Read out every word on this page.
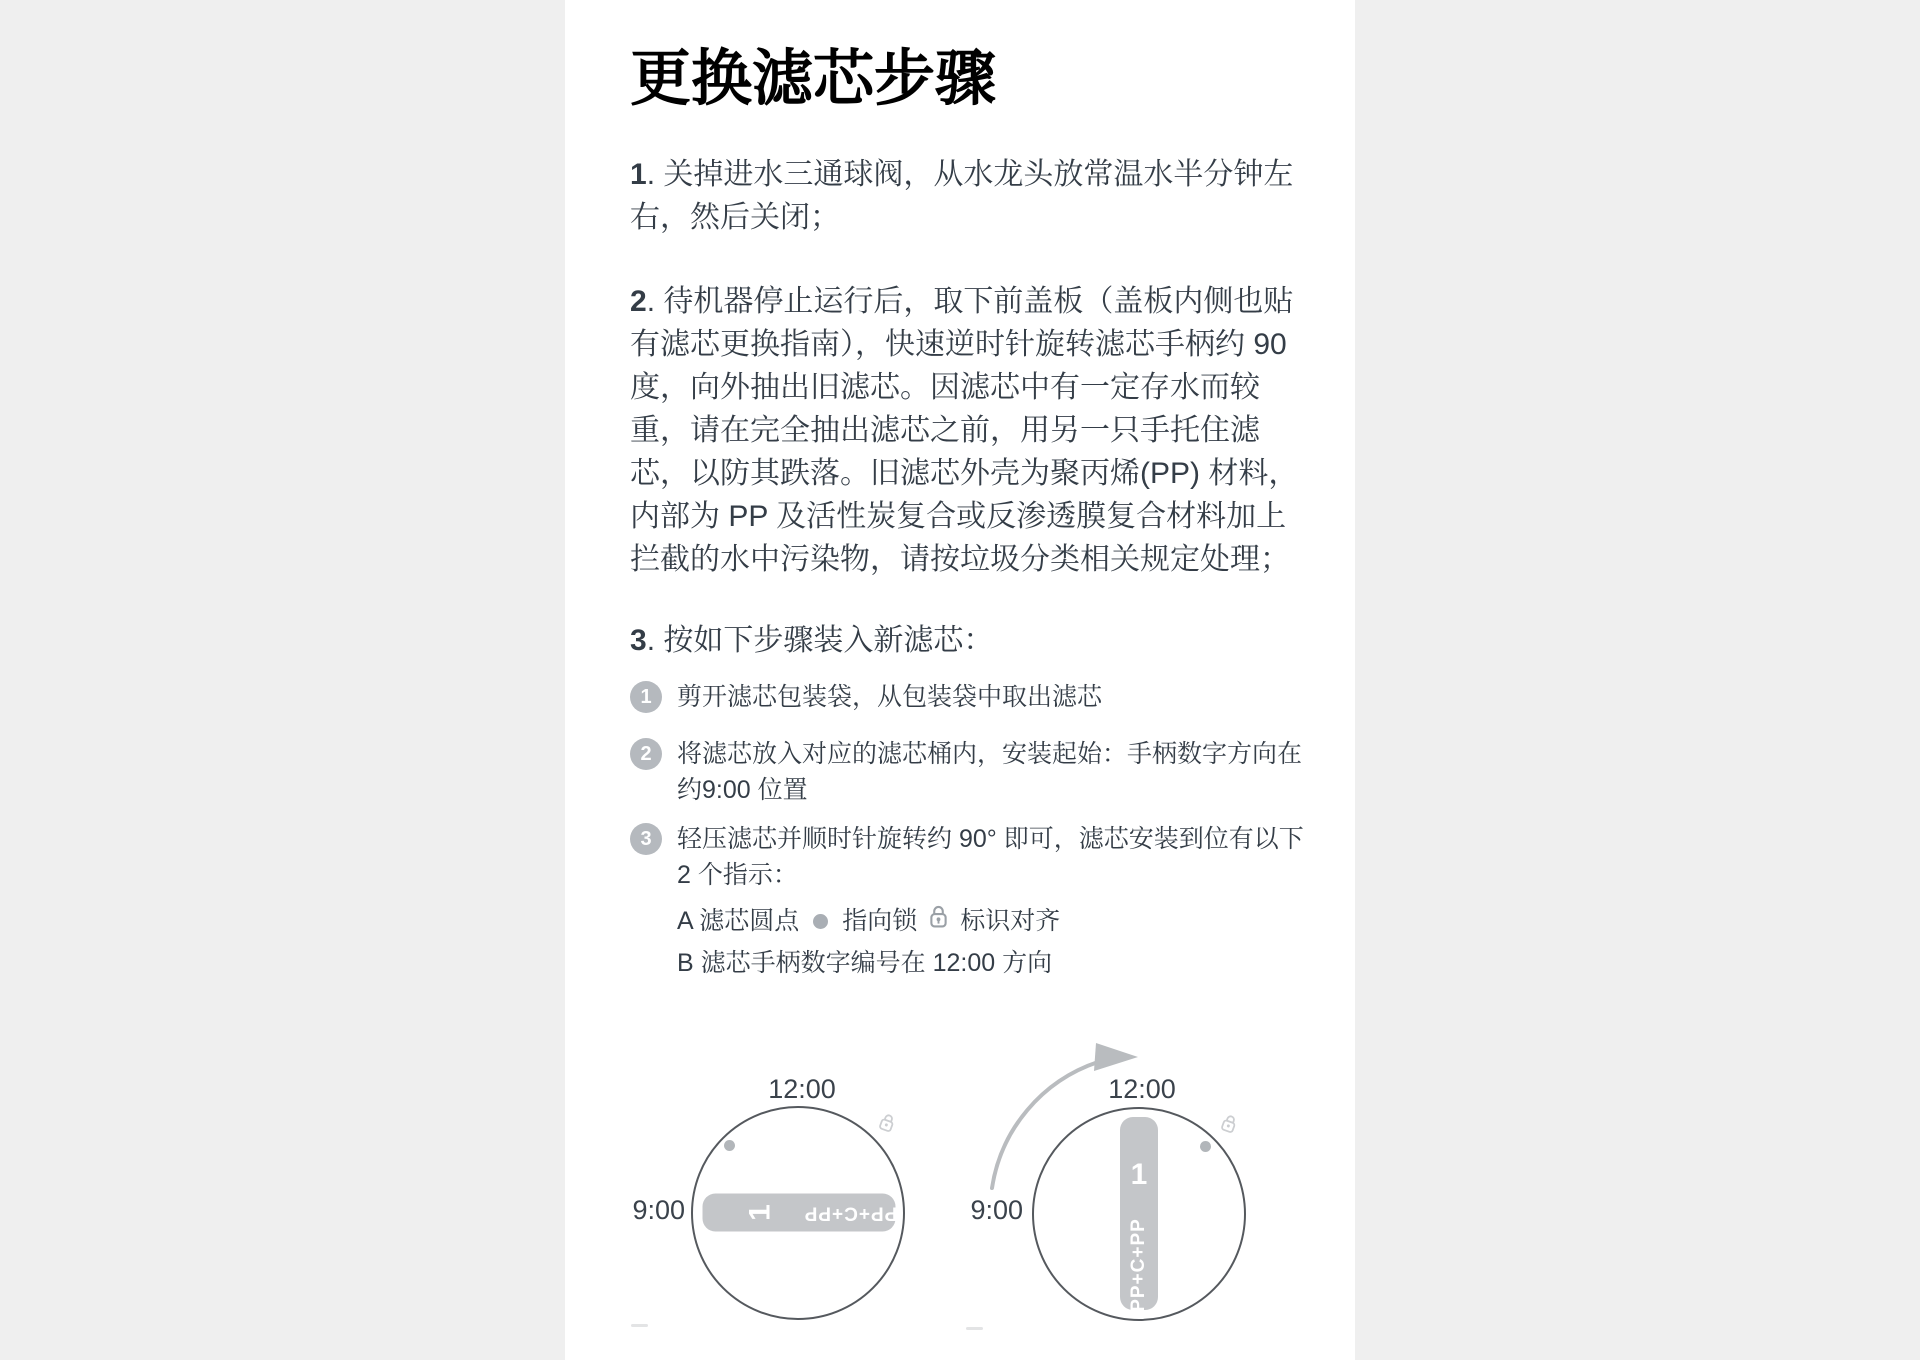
更换滤芯步骤
1. 关掉进水三通球阀，从水龙头放常温水半分钟左
右，然后关闭；
2. 待机器停止运行后，取下前盖板（盖板内侧也贴
有滤芯更换指南），快速逆时针旋转滤芯手柄约 90
度，向外抽出旧滤芯。因滤芯中有一定存水而较
重，请在完全抽出滤芯之前，用另一只手托住滤
芯，以防其跌落。旧滤芯外壳为聚丙烯(PP) 材料，
内部为 PP 及活性炭复合或反渗透膜复合材料加上
拦截的水中污染物，请按垃圾分类相关规定处理；
3. 按如下步骤装入新滤芯：
1	剪开滤芯包装袋，从包装袋中取出滤芯
2	将滤芯放入对应的滤芯桶内，安装起始：手柄数字方向在
约9:00 位置
3	轻压滤芯并顺时针旋转约 90° 即可，滤芯安装到位有以下
2 个指示：
A 滤芯圆点 指向锁 标识对齐
B 滤芯手柄数字编号在 12:00 方向
12:00
9:00 1 PP+C+PP
12:00
9:00
1
PP+C+PP
